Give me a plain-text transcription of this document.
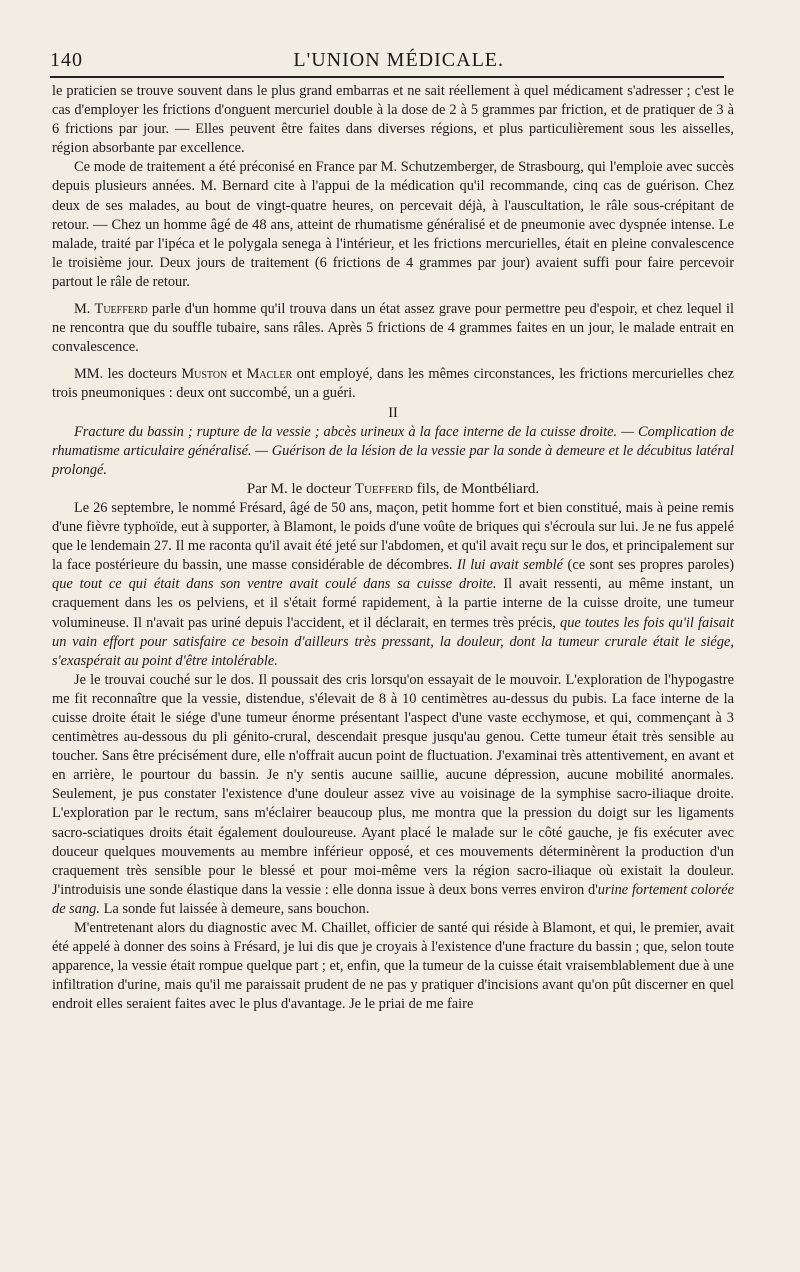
140	L'UNION MÉDICALE.

le praticien se trouve souvent dans le plus grand embarras et ne sait réellement à quel médicament s'adresser ; c'est le cas d'employer les frictions d'onguent mercuriel double à la dose de 2 à 5 grammes par friction, et de pratiquer de 3 à 6 frictions par jour. — Elles peuvent être faites dans diverses régions, et plus particulièrement sous les aisselles, région absorbante par excellence.

Ce mode de traitement a été préconisé en France par M. Schutzemberger, de Strasbourg, qui l'emploie avec succès depuis plusieurs années. M. Bernard cite à l'appui de la médication qu'il recommande, cinq cas de guérison. Chez deux de ses malades, au bout de vingt-quatre heures, on percevait déjà, à l'auscultation, le râle sous-crépitant de retour. — Chez un homme âgé de 48 ans, atteint de rhumatisme généralisé et de pneumonie avec dyspnée intense. Le malade, traité par l'ipéca et le polygala senega à l'intérieur, et les frictions mercurielles, était en pleine convalescence le troisième jour. Deux jours de traitement (6 frictions de 4 grammes par jour) avaient suffi pour faire percevoir partout le râle de retour.

M. Tuefferd parle d'un homme qu'il trouva dans un état assez grave pour permettre peu d'espoir, et chez lequel il ne rencontra que du souffle tubaire, sans râles. Après 5 frictions de 4 grammes faites en un jour, le malade entrait en convalescence.

MM. les docteurs Muston et Macler ont employé, dans les mêmes circonstances, les frictions mercurielles chez trois pneumoniques : deux ont succombé, un a guéri.

II

Fracture du bassin ; rupture de la vessie ; abcès urineux à la face interne de la cuisse droite. — Complication de rhumatisme articulaire généralisé. — Guérison de la lésion de la vessie par la sonde à demeure et le décubitus latéral prolongé.

Par M. le docteur Tuefferd fils, de Montbéliard.

Le 26 septembre, le nommé Frésard, âgé de 50 ans, maçon, petit homme fort et bien constitué, mais à peine remis d'une fièvre typhoïde, eut à supporter, à Blamont, le poids d'une voûte de briques qui s'écroula sur lui. Je ne fus appelé que le lendemain 27. Il me raconta qu'il avait été jeté sur l'abdomen, et qu'il avait reçu sur le dos, et principalement sur la face postérieure du bassin, une masse considérable de décombres. Il lui avait semblé (ce sont ses propres paroles) que tout ce qui était dans son ventre avait coulé dans sa cuisse droite. Il avait ressenti, au même instant, un craquement dans les os pelviens, et il s'était formé rapidement, à la partie interne de la cuisse droite, une tumeur volumineuse. Il n'avait pas uriné depuis l'accident, et il déclarait, en termes très précis, que toutes les fois qu'il faisait un vain effort pour satisfaire ce besoin d'ailleurs très pressant, la douleur, dont la tumeur crurale était le siége, s'exaspérait au point d'être intolérable.

Je le trouvai couché sur le dos. Il poussait des cris lorsqu'on essayait de le mouvoir. L'exploration de l'hypogastre me fit reconnaître que la vessie, distendue, s'élevait de 8 à 10 centimètres au-dessus du pubis. La face interne de la cuisse droite était le siége d'une tumeur énorme présentant l'aspect d'une vaste ecchymose, et qui, commençant à 3 centimètres au-dessous du pli génito-crural, descendait presque jusqu'au genou. Cette tumeur était très sensible au toucher. Sans être précisément dure, elle n'offrait aucun point de fluctuation. J'examinai très attentivement, en avant et en arrière, le pourtour du bassin. Je n'y sentis aucune saillie, aucune dépression, aucune mobilité anormales. Seulement, je pus constater l'existence d'une douleur assez vive au voisinage de la symphise sacro-iliaque droite. L'exploration par le rectum, sans m'éclairer beaucoup plus, me montra que la pression du doigt sur les ligaments sacro-sciatiques droits était également douloureuse. Ayant placé le malade sur le côté gauche, je fis exécuter avec douceur quelques mouvements au membre inférieur opposé, et ces mouvements déterminèrent la production d'un craquement très sensible pour le blessé et pour moi-même vers la région sacro-iliaque où existait la douleur. J'introduisis une sonde élastique dans la vessie : elle donna issue à deux bons verres environ d'urine fortement colorée de sang. La sonde fut laissée à demeure, sans bouchon.

M'entretenant alors du diagnostic avec M. Chaillet, officier de santé qui réside à Blamont, et qui, le premier, avait été appelé à donner des soins à Frésard, je lui dis que je croyais à l'existence d'une fracture du bassin ; que, selon toute apparence, la vessie était rompue quelque part ; et, enfin, que la tumeur de la cuisse était vraisemblablement due à une infiltration d'urine, mais qu'il me paraissait prudent de ne pas y pratiquer d'incisions avant qu'on pût discerner en quel endroit elles seraient faites avec le plus d'avantage. Je le priai de me faire
